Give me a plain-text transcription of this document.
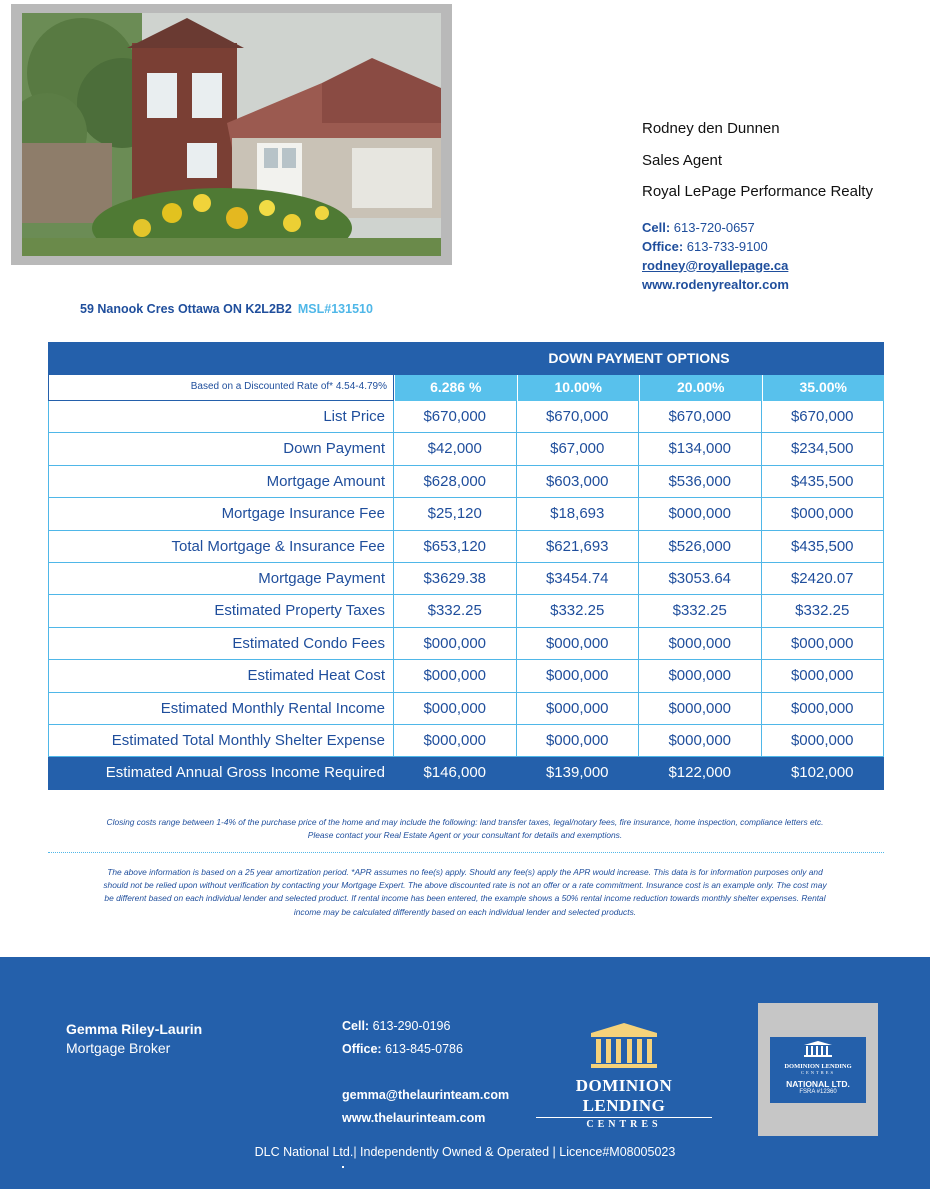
Rodney den Dunnen
Sales Agent
Royal LePage Performance Realty
Cell: 613-720-0657
Office: 613-733-9100
rodney@royallepage.ca
www.rodenyrealtor.com
59 Nanook Cres Ottawa ON K2L2B2 MSL#131510
DOWN PAYMENT OPTIONS
Based on a Discounted Rate of* 4.54-4.79%	6.286 %	10.00%	20.00%	35.00%
List Price	$670,000	$670,000	$670,000	$670,000
Down Payment	$42,000	$67,000	$134,000	$234,500
Mortgage Amount	$628,000	$603,000	$536,000	$435,500
Mortgage Insurance Fee	$25,120	$18,693	$000,000	$000,000
Total Mortgage & Insurance Fee	$653,120	$621,693	$526,000	$435,500
Mortgage Payment	$3629.38	$3454.74	$3053.64	$2420.07
Estimated Property Taxes	$332.25	$332.25	$332.25	$332.25
Estimated Condo Fees	$000,000	$000,000	$000,000	$000,000
Estimated Heat Cost	$000,000	$000,000	$000,000	$000,000
Estimated Monthly Rental Income	$000,000	$000,000	$000,000	$000,000
Estimated Total Monthly Shelter Expense	$000,000	$000,000	$000,000	$000,000
Estimated Annual Gross Income Required	$146,000	$139,000	$122,000	$102,000
Closing costs range between 1-4% of the purchase price of the home and may include the following: land transfer taxes, legal/notary fees, fire insurance, home inspection, compliance letters etc. Please contact your Real Estate Agent or your consultant for details and exemptions.
The above information is based on a 25 year amortization period. *APR assumes no fee(s) apply. Should any fee(s) apply the APR would increase. This data is for information purposes only and should not be relied upon without verification by contacting your Mortgage Expert. The above discounted rate is not an offer or a rate commitment. Insurance cost is an example only. The cost may be different based on each individual lender and selected product. If rental income has been entered, the example shows a 50% rental income reduction towards monthly shelter expenses. Rental income may be calculated differently based on each individual lender and selected products.
Gemma Riley-Laurin
Mortgage Broker
Cell: 613-290-0196
Office: 613-845-0786
gemma@thelaurinteam.com
www.thelaurinteam.com
DOMINION LENDING
CENTRES
DOMINION LENDING
CENTRES
NATIONAL LTD.
FSRA #12360
DLC National Ltd.| Independently Owned & Operated | Licence#M08005023
